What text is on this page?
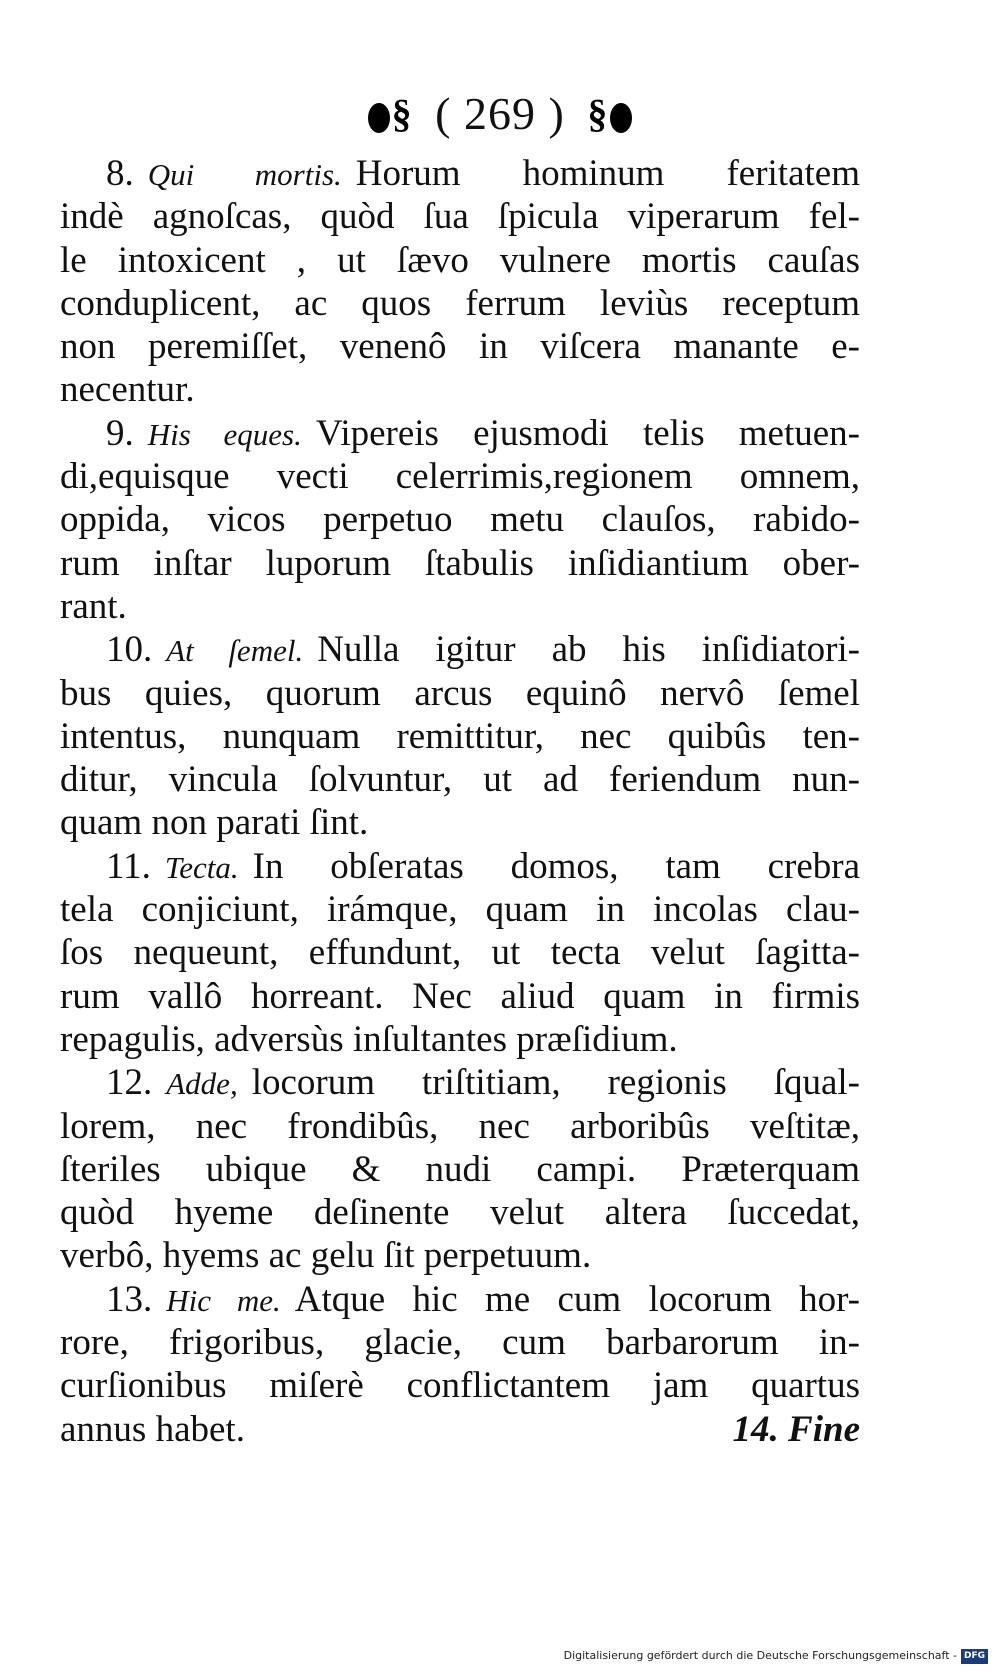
§ ( 269 ) §
8. Qui mortis. Horum hominum feritatem
indè agnoſcas, quòd ſua ſpicula viperarum fel-
le intoxicent , ut ſævo vulnere mortis cauſas
conduplicent, ac quos ferrum leviùs receptum
non peremiſſet, venenô in viſcera manante e-
necentur.
9. His eques. Vipereis ejusmodi telis metuen-
di,equisque vecti celerrimis,regionem omnem,
oppida, vicos perpetuo metu clauſos, rabido-
rum inſtar luporum ſtabulis inſidiantium ober-
rant.
10. At ſemel. Nulla igitur ab his inſidiatori-
bus quies, quorum arcus equinô nervô ſemel
intentus, nunquam remittitur, nec quibûs ten-
ditur, vincula ſolvuntur, ut ad feriendum nun-
quam non parati ſint.
11. Tecta. In obſeratas domos, tam crebra
tela conjiciunt, irámque, quam in incolas clau-
ſos nequeunt, effundunt, ut tecta velut ſagitta-
rum vallô horreant. Nec aliud quam in firmis
repagulis, adversùs inſultantes præſidium.
12. Adde, locorum triſtitiam, regionis ſqual-
lorem, nec frondibûs, nec arboribûs veſtitæ,
ſteriles ubique & nudi campi. Præterquam
quòd hyeme deſinente velut altera ſuccedat,
verbô, hyems ac gelu ſit perpetuum.
13. Hic me. Atque hic me cum locorum hor-
rore, frigoribus, glacie, cum barbarorum in-
curſionibus miſerè conflictantem jam quartus
annus habet.	14. Fine
Digitalisierung gefördert durch die Deutsche Forschungsgemeinschaft - DFG
